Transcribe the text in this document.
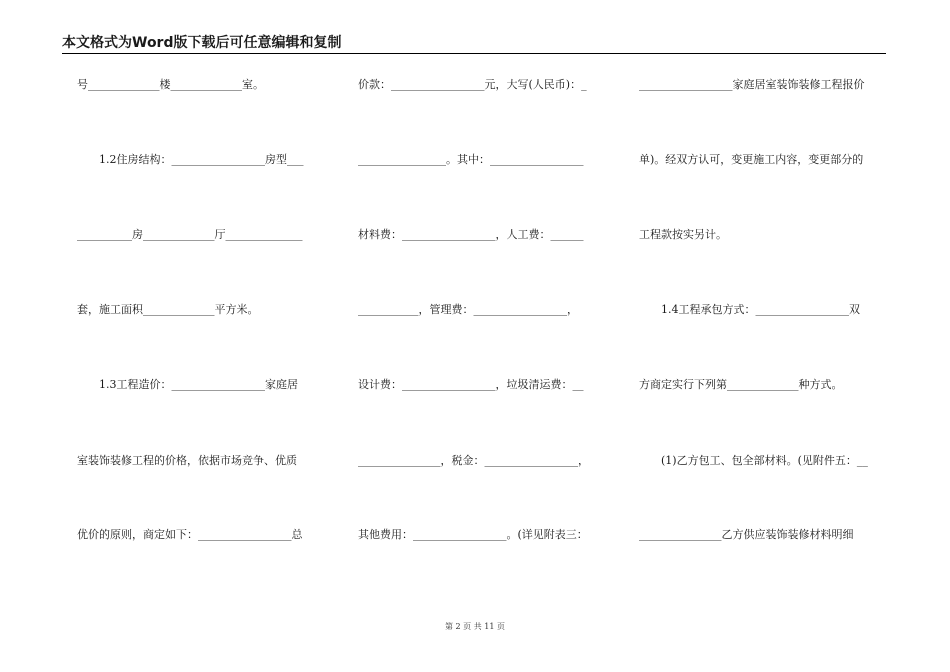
本文格式为Word版下载后可任意编辑和复制
号_____________楼_____________室。
1.2住房结构：_________________房型___
__________房_____________厅______________
套，施工面积_____________平方米。
1.3工程造价：_________________家庭居
室装饰装修工程的价格，依据市场竞争、优质
优价的原则，商定如下：_________________总
价款：_________________元，大写(人民币)：_
________________。其中：_________________
材料费：_________________，人工费：______
___________，管理费：_________________，
设计费：_________________，垃圾清运费：__
_______________，税金：_________________，
其他费用：_________________。(详见附表三：
_________________家庭居室装饰装修工程报价
单)。经双方认可，变更施工内容，变更部分的
工程款按实另计。
1.4工程承包方式：_________________双
方商定实行下列第_____________种方式。
(1)乙方包工、包全部材料。(见附件五：__
_______________乙方供应装饰装修材料明细
第 2 页 共 11 页
